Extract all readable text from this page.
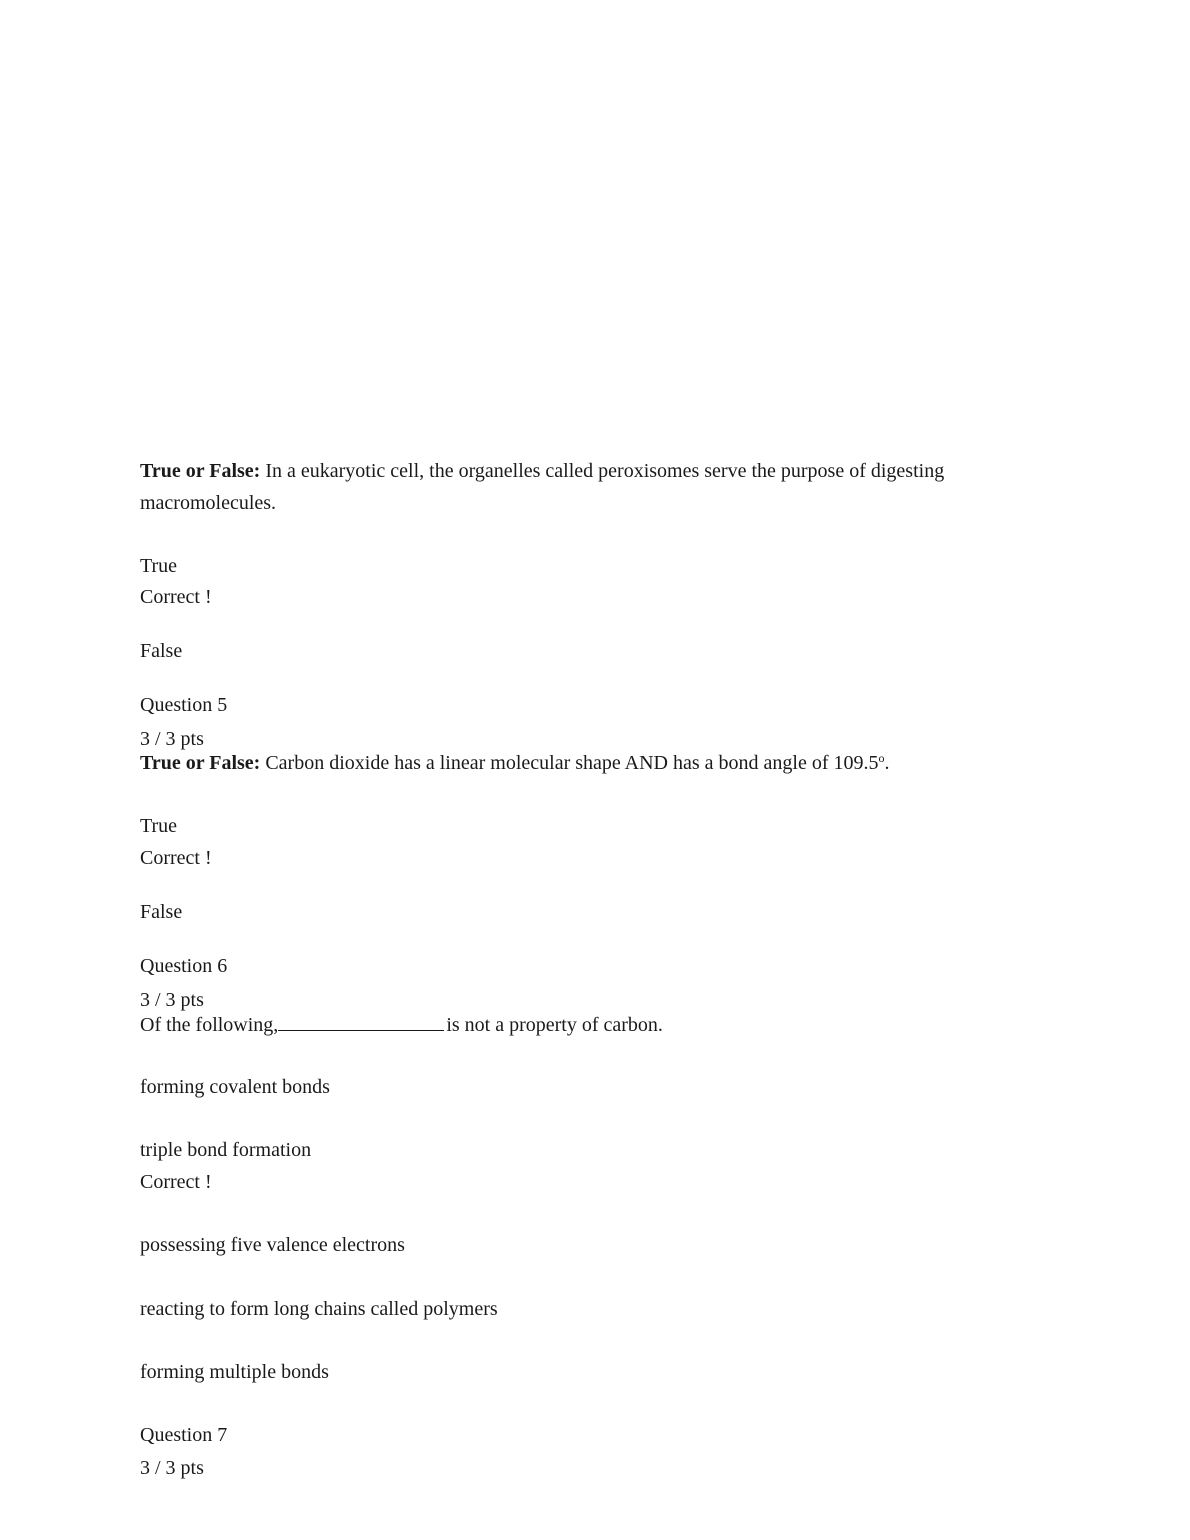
True or False: In a eukaryotic cell, the organelles called peroxisomes serve the purpose of digesting macromolecules.
True
Correct !
False
Question 5
3 / 3 pts
True or False: Carbon dioxide has a linear molecular shape AND has a bond angle of 109.5$^o$.
True
Correct !
False
Question 6
3 / 3 pts
Of the following,	is not a property of carbon.
forming covalent bonds
triple bond formation
Correct !
possessing five valence electrons
reacting to form long chains called polymers
forming multiple bonds
Question 7
3 / 3 pts
